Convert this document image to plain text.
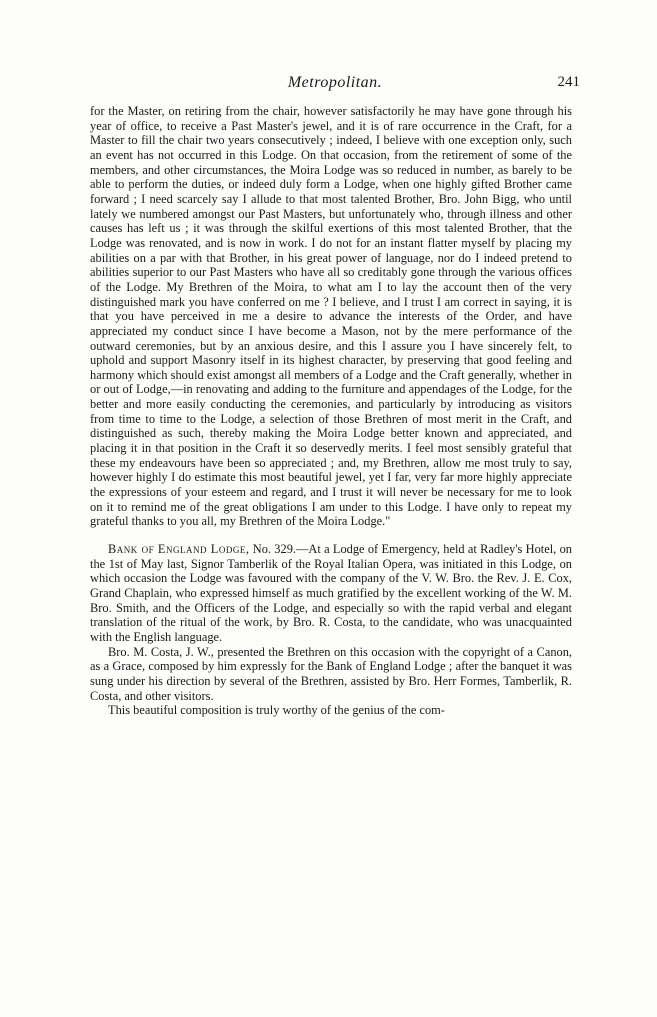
Metropolitan.	241

for the Master, on retiring from the chair, however satisfactorily he may have gone through his year of office, to receive a Past Master's jewel, and it is of rare occurrence in the Craft, for a Master to fill the chair two years consecutively ; indeed, I believe with one exception only, such an event has not occurred in this Lodge. On that occasion, from the retirement of some of the members, and other circumstances, the Moira Lodge was so reduced in number, as barely to be able to perform the duties, or indeed duly form a Lodge, when one highly gifted Brother came forward ; I need scarcely say I allude to that most talented Brother, Bro. John Bigg, who until lately we numbered amongst our Past Masters, but unfortunately who, through illness and other causes has left us ; it was through the skilful exertions of this most talented Brother, that the Lodge was renovated, and is now in work. I do not for an instant flatter myself by placing my abilities on a par with that Brother, in his great power of language, nor do I indeed pretend to abilities superior to our Past Masters who have all so creditably gone through the various offices of the Lodge. My Brethren of the Moira, to what am I to lay the account then of the very distinguished mark you have conferred on me ? I believe, and I trust I am correct in saying, it is that you have perceived in me a desire to advance the interests of the Order, and have appreciated my conduct since I have become a Mason, not by the mere performance of the outward ceremonies, but by an anxious desire, and this I assure you I have sincerely felt, to uphold and support Masonry itself in its highest character, by preserving that good feeling and harmony which should exist amongst all members of a Lodge and the Craft generally, whether in or out of Lodge,—in renovating and adding to the furniture and appendages of the Lodge, for the better and more easily conducting the ceremonies, and particularly by introducing as visitors from time to time to the Lodge, a selection of those Brethren of most merit in the Craft, and distinguished as such, thereby making the Moira Lodge better known and appreciated, and placing it in that position in the Craft it so deservedly merits. I feel most sensibly grateful that these my endeavours have been so appreciated ; and, my Brethren, allow me most truly to say, however highly I do estimate this most beautiful jewel, yet I far, very far more highly appreciate the expressions of your esteem and regard, and I trust it will never be necessary for me to look on it to remind me of the great obligations I am under to this Lodge. I have only to repeat my grateful thanks to you all, my Brethren of the Moira Lodge."

Bank of England Lodge, No. 329.—At a Lodge of Emergency, held at Radley's Hotel, on the 1st of May last, Signor Tamberlik of the Royal Italian Opera, was initiated in this Lodge, on which occasion the Lodge was favoured with the company of the V. W. Bro. the Rev. J. E. Cox, Grand Chaplain, who expressed himself as much gratified by the excellent working of the W. M. Bro. Smith, and the Officers of the Lodge, and especially so with the rapid verbal and elegant translation of the ritual of the work, by Bro. R. Costa, to the candidate, who was unacquainted with the English language.

Bro. M. Costa, J. W., presented the Brethren on this occasion with the copyright of a Canon, as a Grace, composed by him expressly for the Bank of England Lodge ; after the banquet it was sung under his direction by several of the Brethren, assisted by Bro. Herr Formes, Tamberlik, R. Costa, and other visitors.

This beautiful composition is truly worthy of the genius of the com-
